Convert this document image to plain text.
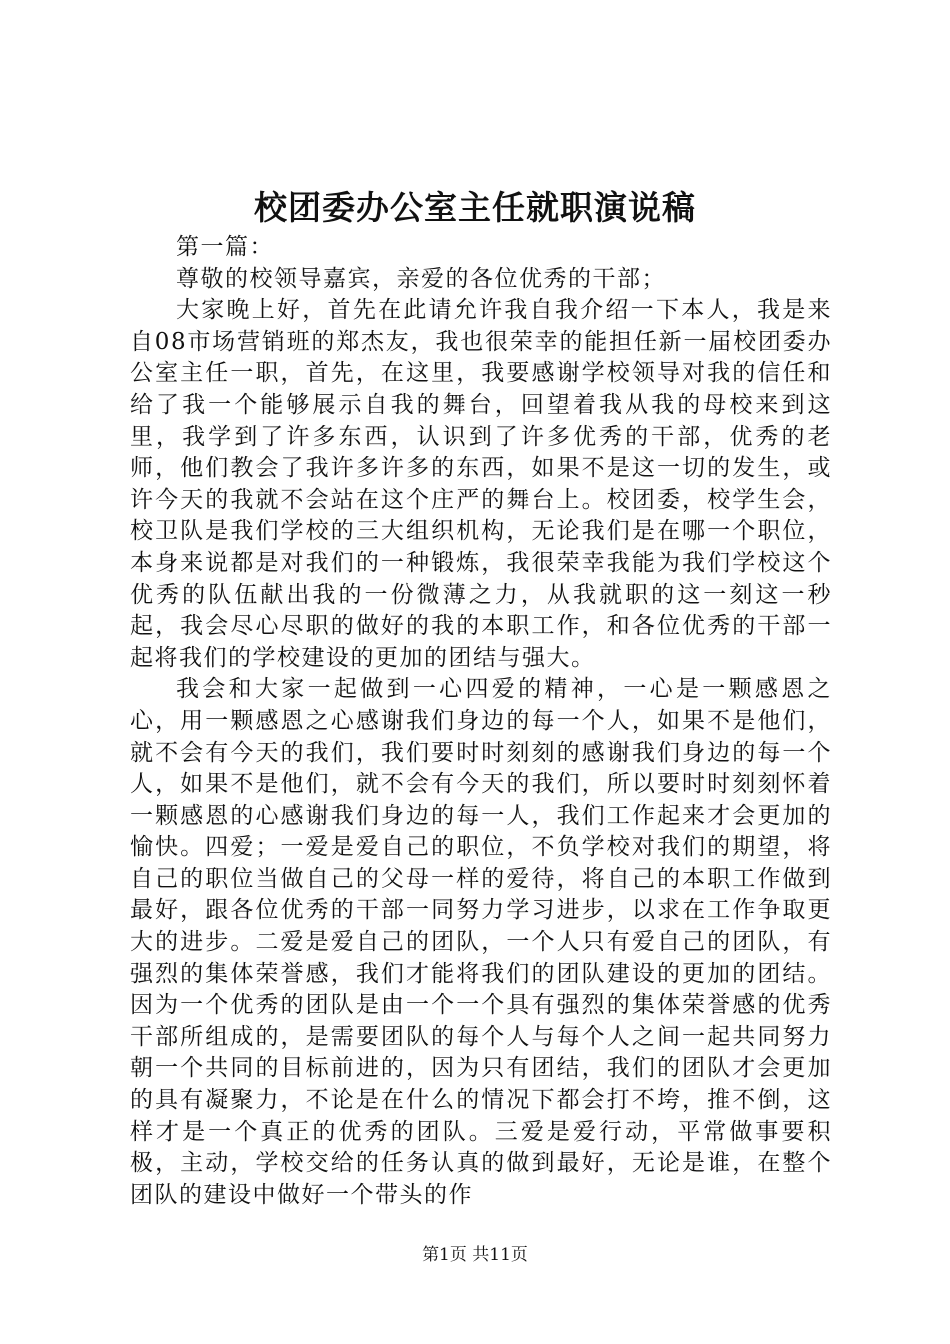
校团委办公室主任就职演说稿

第一篇：

尊敬的校领导嘉宾，亲爱的各位优秀的干部；

大家晚上好，首先在此请允许我自我介绍一下本人，我是来自08市场营销班的郑杰友，我也很荣幸的能担任新一届校团委办公室主任一职，首先，在这里，我要感谢学校领导对我的信任和给了我一个能够展示自我的舞台，回望着我从我的母校来到这里，我学到了许多东西，认识到了许多优秀的干部，优秀的老师，他们教会了我许多许多的东西，如果不是这一切的发生，或许今天的我就不会站在这个庄严的舞台上。校团委，校学生会，校卫队是我们学校的三大组织机构，无论我们是在哪一个职位，本身来说都是对我们的一种锻炼，我很荣幸我能为我们学校这个优秀的队伍献出我的一份微薄之力，从我就职的这一刻这一秒起，我会尽心尽职的做好的我的本职工作，和各位优秀的干部一起将我们的学校建设的更加的团结与强大。

我会和大家一起做到一心四爱的精神，一心是一颗感恩之心，用一颗感恩之心感谢我们身边的每一个人，如果不是他们，就不会有今天的我们，我们要时时刻刻的感谢我们身边的每一个人，如果不是他们，就不会有今天的我们，所以要时时刻刻怀着一颗感恩的心感谢我们身边的每一人，我们工作起来才会更加的愉快。四爱；一爱是爱自己的职位，不负学校对我们的期望，将自己的职位当做自己的父母一样的爱待，将自己的本职工作做到最好，跟各位优秀的干部一同努力学习进步，以求在工作争取更大的进步。二爱是爱自己的团队，一个人只有爱自己的团队，有强烈的集体荣誉感，我们才能将我们的团队建设的更加的团结。因为一个优秀的团队是由一个一个具有强烈的集体荣誉感的优秀干部所组成的，是需要团队的每个人与每个人之间一起共同努力朝一个共同的目标前进的，因为只有团结，我们的团队才会更加的具有凝聚力，不论是在什么的情况下都会打不垮，推不倒，这样才是一个真正的优秀的团队。三爱是爱行动，平常做事要积极，主动，学校交给的任务认真的做到最好，无论是谁，在整个团队的建设中做好一个带头的作

第1页 共11页
